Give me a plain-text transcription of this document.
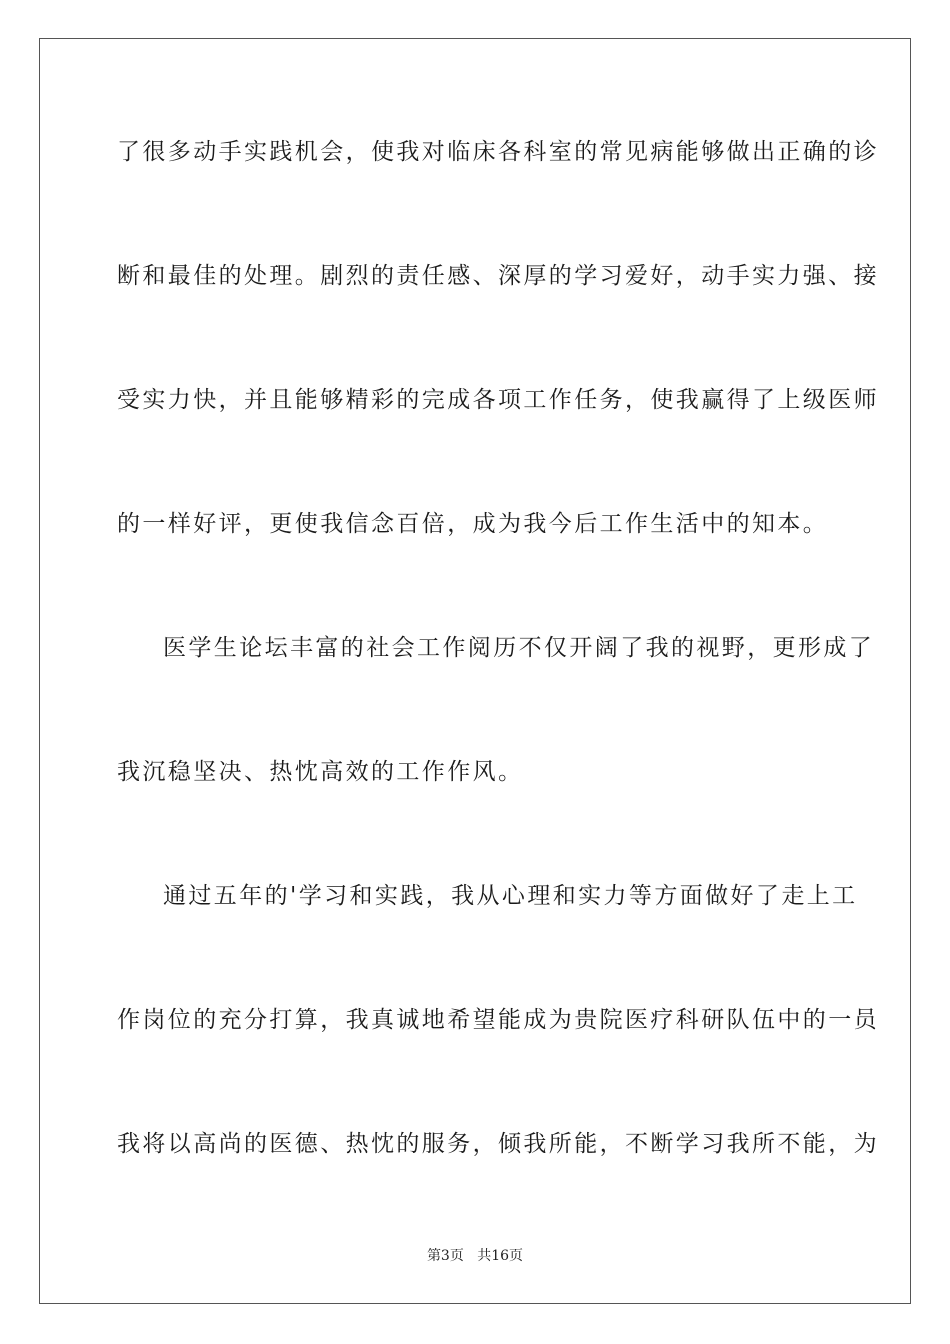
了很多动手实践机会，使我对临床各科室的常见病能够做出正确的诊
断和最佳的处理。剧烈的责任感、深厚的学习爱好，动手实力强、接
受实力快，并且能够精彩的完成各项工作任务，使我赢得了上级医师
的一样好评，更使我信念百倍，成为我今后工作生活中的知本。
医学生论坛丰富的社会工作阅历不仅开阔了我的视野，更形成了
我沉稳坚决、热忱高效的工作作风。
通过五年的'学习和实践，我从心理和实力等方面做好了走上工
作岗位的充分打算，我真诚地希望能成为贵院医疗科研队伍中的一员
我将以高尚的医德、热忱的服务，倾我所能，不断学习我所不能，为
第3页 共16页
